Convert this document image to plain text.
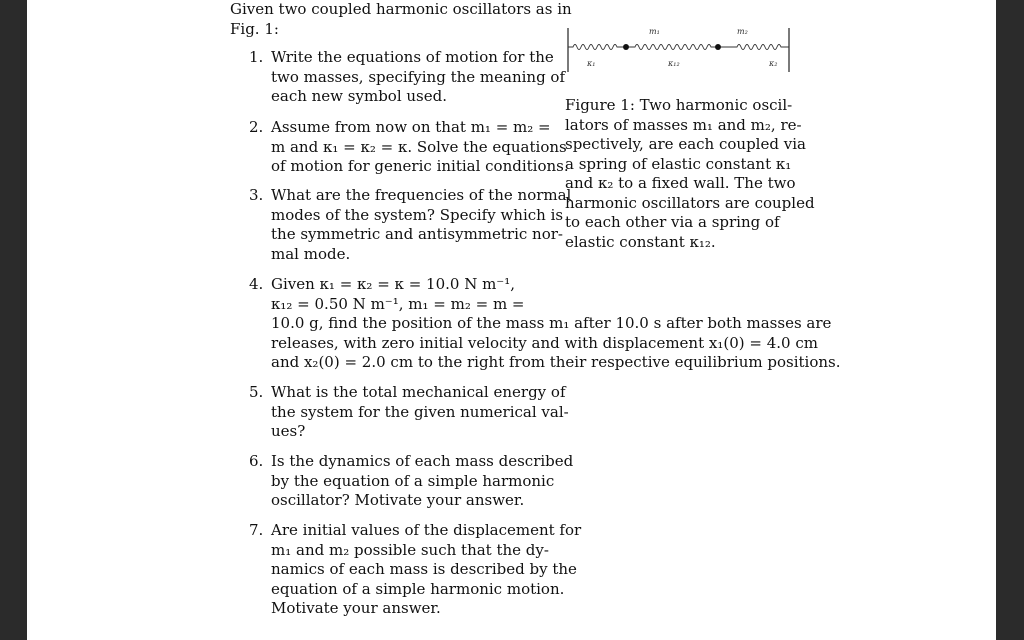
Given two coupled harmonic oscillators as in
Fig. 1:	m₁	m₂
κ₁	κ₁₂	κ₂
Figure 1: Two harmonic oscil-
lators of masses m₁ and m₂, re-
spectively, are each coupled via
a spring of elastic constant κ₁
and κ₂ to a fixed wall. The two
harmonic oscillators are coupled
to each other via a spring of
elastic constant κ₁₂.
1. Write the equations of motion for the
two masses, specifying the meaning of
each new symbol used.
2. Assume from now on that m₁ = m₂ =
m and κ₁ = κ₂ = κ. Solve the equations
of motion for generic initial conditions.
3. What are the frequencies of the normal
modes of the system? Specify which is
the symmetric and antisymmetric nor-
mal mode.
4. Given κ₁ = κ₂ = κ = 10.0 N m⁻¹,
κ₁₂ = 0.50 N m⁻¹, m₁ = m₂ = m =
10.0 g, find the position of the mass m₁ after 10.0 s after both masses are
releases, with zero initial velocity and with displacement x₁(0) = 4.0 cm
and x₂(0) = 2.0 cm to the right from their respective equilibrium positions.
5. What is the total mechanical energy of
the system for the given numerical val-
ues?
6. Is the dynamics of each mass described
by the equation of a simple harmonic
oscillator? Motivate your answer.
7. Are initial values of the displacement for
m₁ and m₂ possible such that the dy-
namics of each mass is described by the
equation of a simple harmonic motion.
Motivate your answer.
